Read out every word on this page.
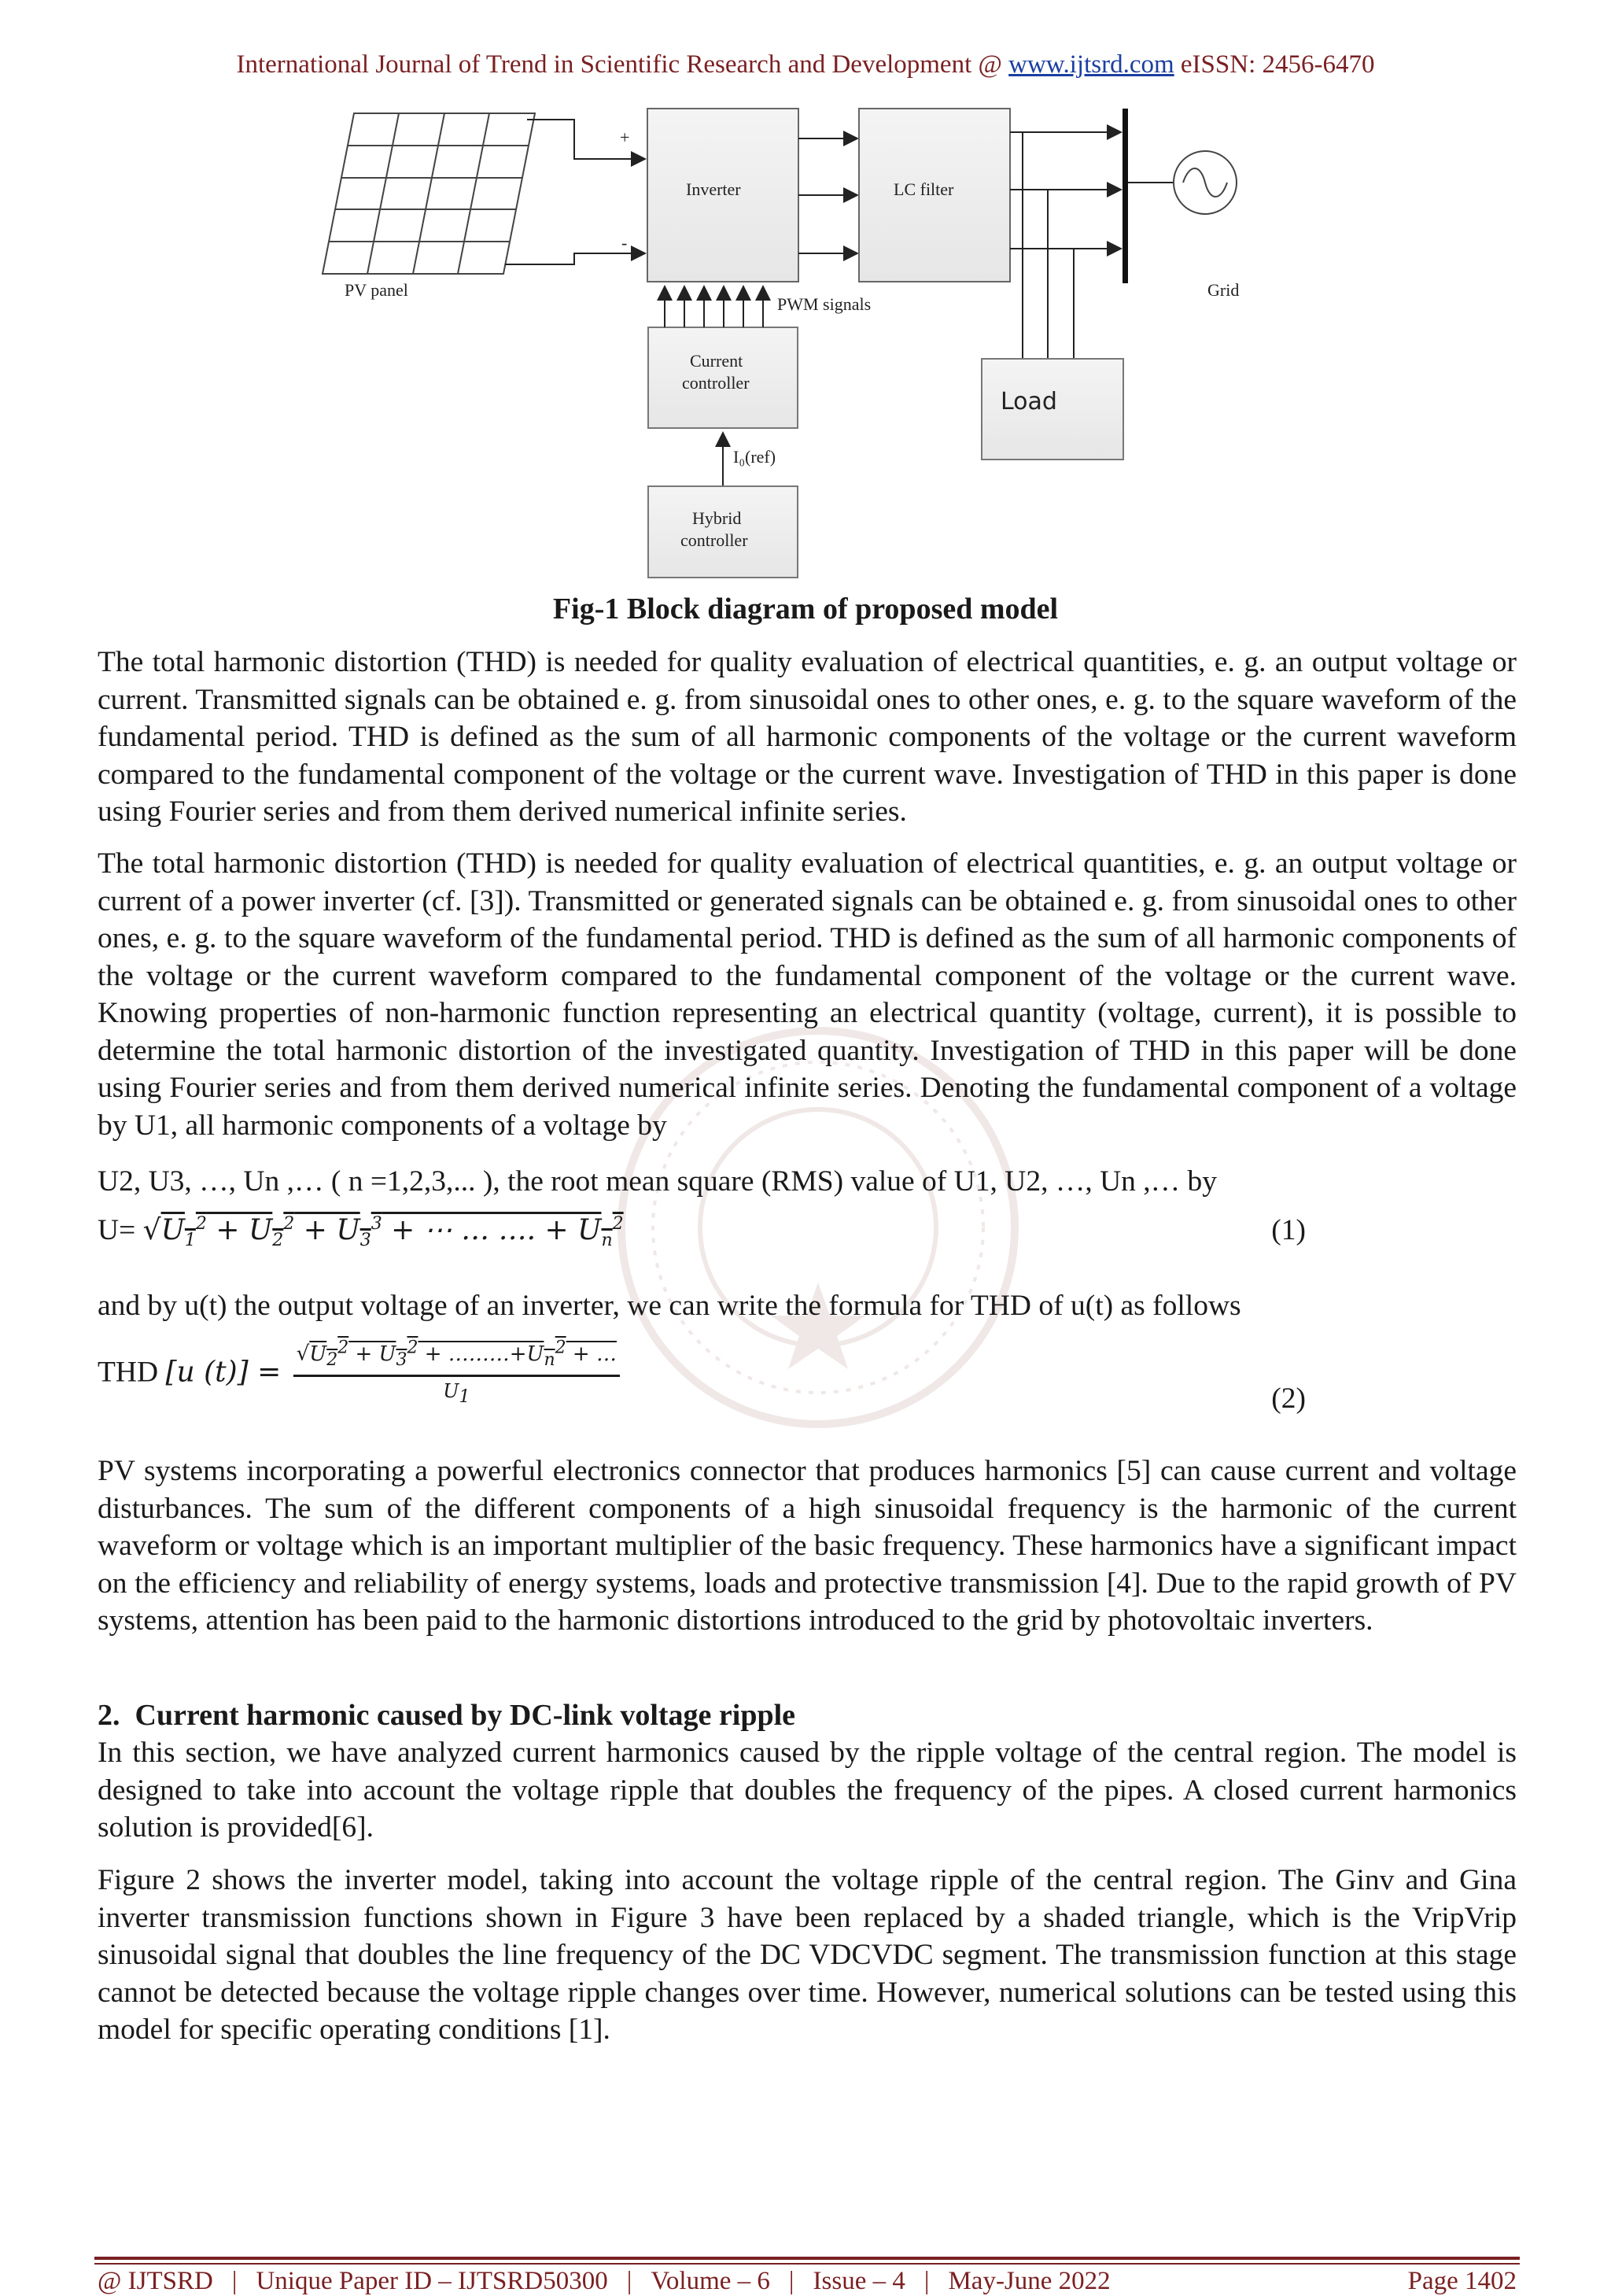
International Journal of Trend in Scientific Research and Development @ www.ijtsrd.com eISSN: 2456-6470
PV panel
+
-
Inverter	LC filter
Grid
Load
Current
controller
PWM signals
I₀(ref)
Hybrid
controller
Fig-1 Block diagram of proposed model

The total harmonic distortion (THD) is needed for quality evaluation of electrical quantities, e. g. an output voltage or current. Transmitted signals can be obtained e. g. from sinusoidal ones to other ones, e. g. to the square waveform of the fundamental period. THD is defined as the sum of all harmonic components of the voltage or the current waveform compared to the fundamental component of the voltage or the current wave. Investigation of THD in this paper is done using Fourier series and from them derived numerical infinite series.

The total harmonic distortion (THD) is needed for quality evaluation of electrical quantities, e. g. an output voltage or current of a power inverter (cf. [3]). Transmitted or generated signals can be obtained e. g. from sinusoidal ones to other ones, e. g. to the square waveform of the fundamental period. THD is defined as the sum of all harmonic components of the voltage or the current waveform compared to the fundamental component of the voltage or the current wave. Knowing properties of non-harmonic function representing an electrical quantity (voltage, current), it is possible to determine the total harmonic distortion of the investigated quantity. Investigation of THD in this paper will be done using Fourier series and from them derived numerical infinite series. Denoting the fundamental component of a voltage by U1, all harmonic components of a voltage by

U2, U3, …, Un ,… ( n =1,2,3,... ), the root mean square (RMS) value of U1, U2, …, Un ,… by
$U= √U_1^2 + U_2^2 + U_3^3$ + ⋯ … …. + $U_n^2$	(1)
and by u(t) the output voltage of an inverter, we can write the formula for THD of u(t) as follows
THD [u $(t)] = \frac{√U_2^2 + U_3^2 + \dots\dots\dots+U_n^2 + \dots}{U_1}$	(2)

PV systems incorporating a powerful electronics connector that produces harmonics [5] can cause current and voltage disturbances. The sum of the different components of a high sinusoidal frequency is the harmonic of the current waveform or voltage which is an important multiplier of the basic frequency. These harmonics have a significant impact on the efficiency and reliability of energy systems, loads and protective transmission [4]. Due to the rapid growth of PV systems, attention has been paid to the harmonic distortions introduced to the grid by photovoltaic inverters.

2.  Current harmonic caused by DC-link voltage ripple

In this section, we have analyzed current harmonics caused by the ripple voltage of the central region. The model is designed to take into account the voltage ripple that doubles the frequency of the pipes. A closed current harmonics solution is provided[6].

Figure 2 shows the inverter model, taking into account the voltage ripple of the central region. The Ginv and Gina inverter transmission functions shown in Figure 3 have been replaced by a shaded triangle, which is the VripVrip sinusoidal signal that doubles the line frequency of the DC VDCVDC segment. The transmission function at this stage cannot be detected because the voltage ripple changes over time. However, numerical solutions can be tested using this model for specific operating conditions [1].

@ IJTSRD | Unique Paper ID – IJTSRD50300 | Volume – 6 | Issue – 4 | May-June 2022	Page 1402
